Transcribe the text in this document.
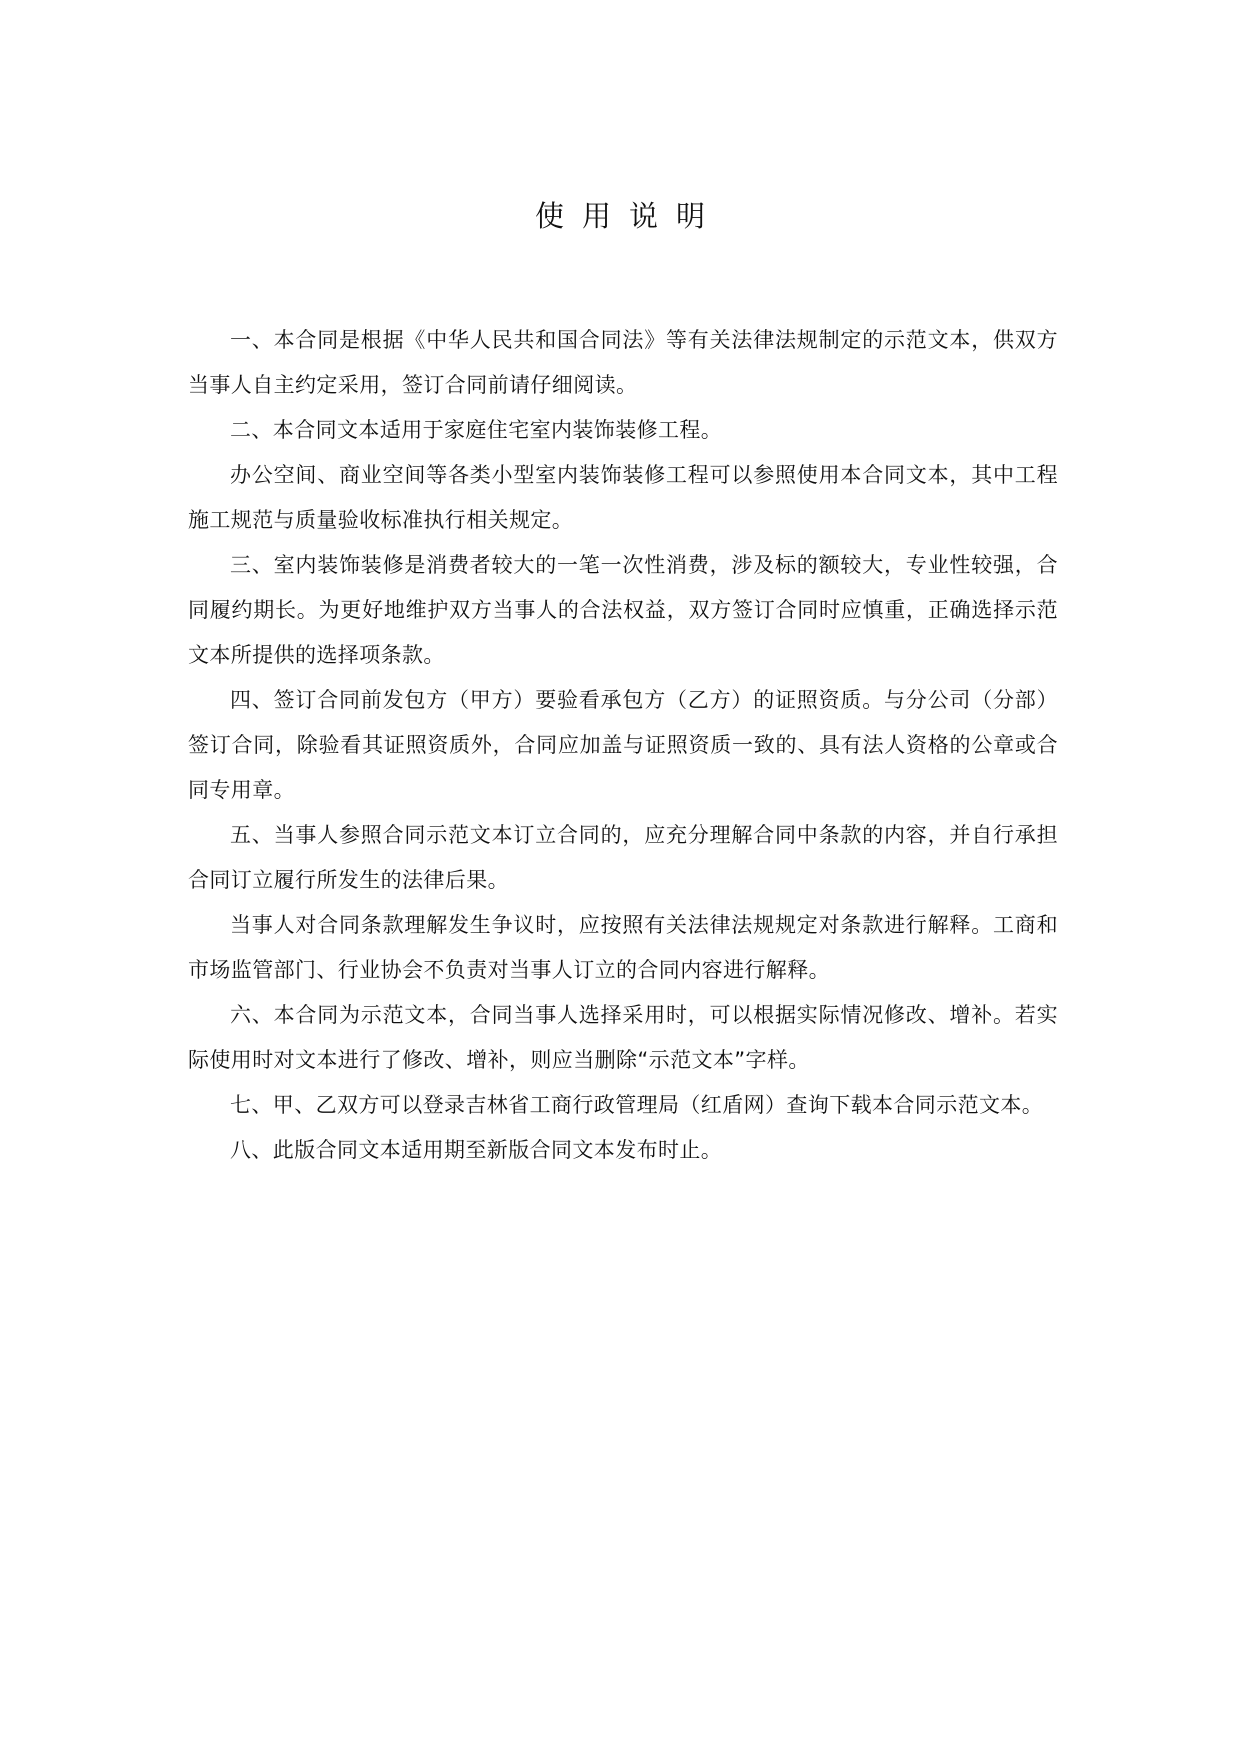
使用说明

一、本合同是根据《中华人民共和国合同法》等有关法律法规制定的示范文本，供双方当事人自主约定采用，签订合同前请仔细阅读。

二、本合同文本适用于家庭住宅室内装饰装修工程。

办公空间、商业空间等各类小型室内装饰装修工程可以参照使用本合同文本，其中工程施工规范与质量验收标准执行相关规定。

三、室内装饰装修是消费者较大的一笔一次性消费，涉及标的额较大，专业性较强，合同履约期长。为更好地维护双方当事人的合法权益，双方签订合同时应慎重，正确选择示范文本所提供的选择项条款。

四、签订合同前发包方（甲方）要验看承包方（乙方）的证照资质。与分公司（分部）签订合同，除验看其证照资质外，合同应加盖与证照资质一致的、具有法人资格的公章或合同专用章。

五、当事人参照合同示范文本订立合同的，应充分理解合同中条款的内容，并自行承担合同订立履行所发生的法律后果。

当事人对合同条款理解发生争议时，应按照有关法律法规规定对条款进行解释。工商和市场监管部门、行业协会不负责对当事人订立的合同内容进行解释。

六、本合同为示范文本，合同当事人选择采用时，可以根据实际情况修改、增补。若实际使用时对文本进行了修改、增补，则应当删除“示范文本”字样。

七、甲、乙双方可以登录吉林省工商行政管理局（红盾网）查询下载本合同示范文本。

八、此版合同文本适用期至新版合同文本发布时止。
